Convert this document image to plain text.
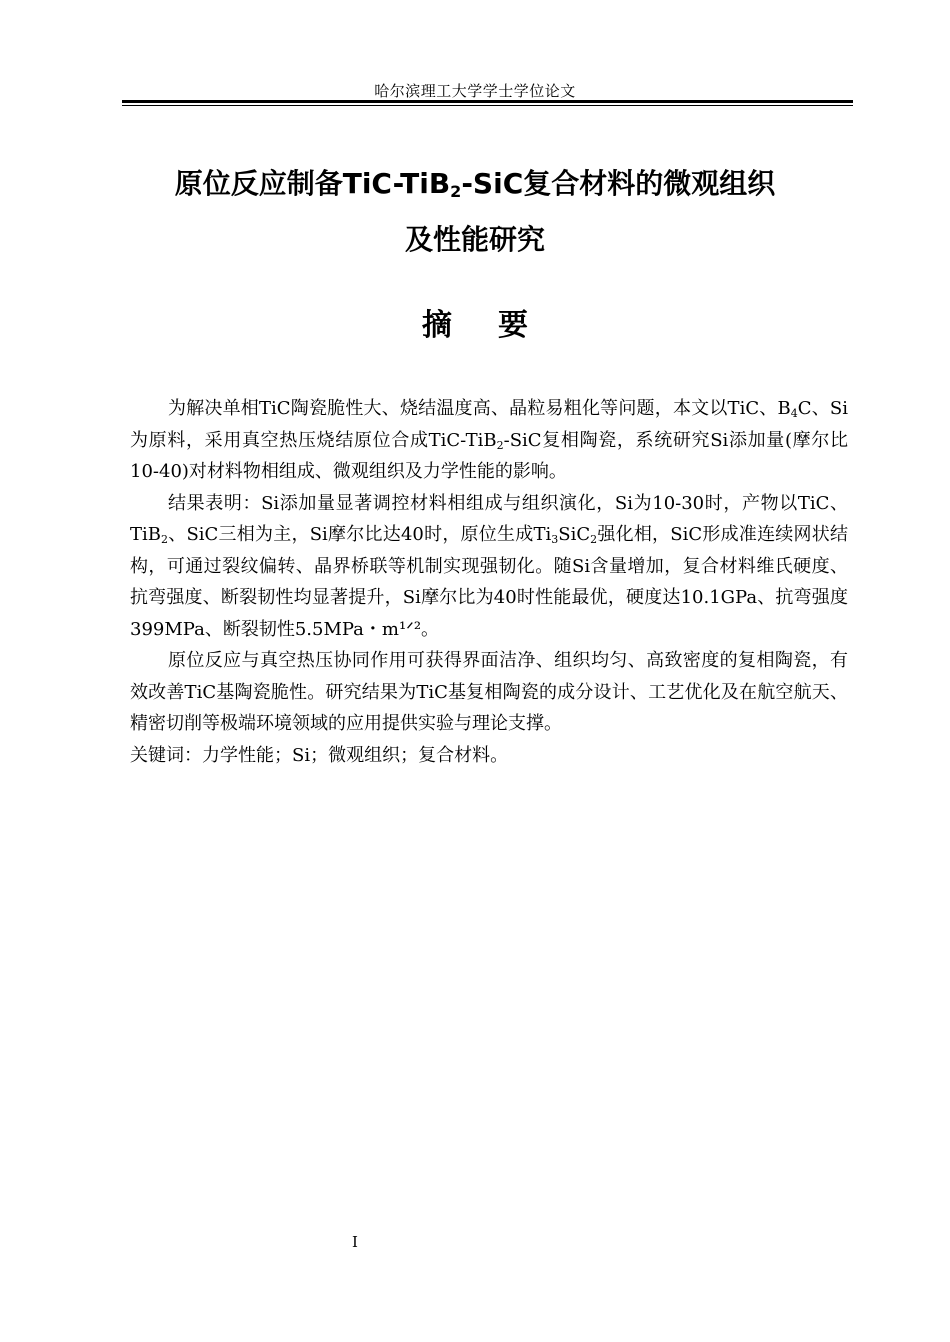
哈尔滨理工大学学士学位论文
原位反应制备TiC-TiB$_2$-SiC复合材料的微观组织
及性能研究
摘要

为解决单相TiC陶瓷脆性大、烧结温度高、晶粒易粗化等问题，本文以TiC、$B_4C$、Si为原料，采用真空热压烧结原位合成TiC-TiB$_2$-SiC复相陶瓷，系统研究Si添加量(摩尔比10-40)对材料物相组成、微观组织及力学性能的影响。

结果表明：Si添加量显著调控材料相组成与组织演化，Si为10-30时，产物以TiC、TiB$_2$、SiC三相为主，Si摩尔比达40时，原位生成$Ti_3SiC_2$强化相，SiC形成准连续网状结构，可通过裂纹偏转、晶界桥联等机制实现强韧化。随Si含量增加，复合材料维氏硬度、抗弯强度、断裂韧性均显著提升，Si摩尔比为40时性能最优，硬度达10.1GPa、抗弯强度399MPa、断裂韧性5.5MPa・m¹ᐟ²。

原位反应与真空热压协同作用可获得界面洁净、组织均匀、高致密度的复相陶瓷，有效改善TiC基陶瓷脆性。研究结果为TiC基复相陶瓷的成分设计、工艺优化及在航空航天、精密切削等极端环境领域的应用提供实验与理论支撑。

关键词：力学性能；Si；微观组织；复合材料。
I
